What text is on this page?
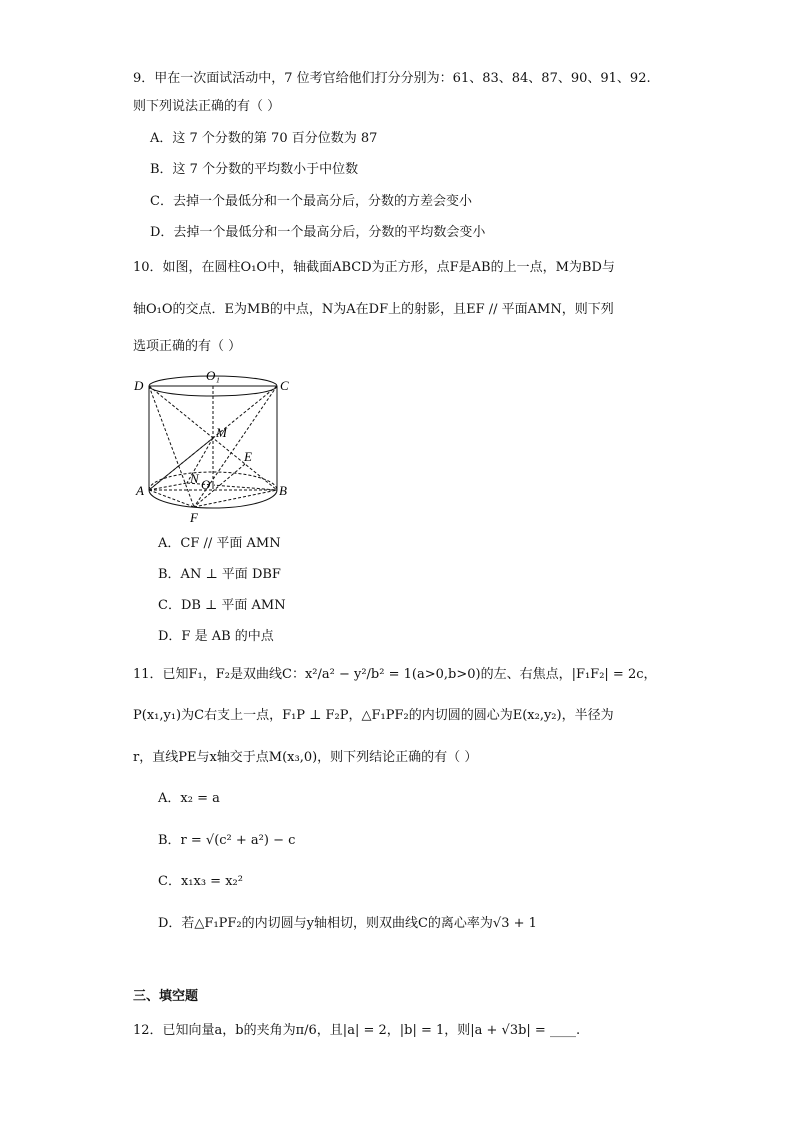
9．甲在一次面试活动中，7 位考官给他们打分分别为：61、83、84、87、90、91、92.
则下列说法正确的有（ ）
A．这 7 个分数的第 70 百分位数为 87
B．这 7 个分数的平均数小于中位数
C．去掉一个最低分和一个最高分后，分数的方差会变小
D．去掉一个最低分和一个最高分后，分数的平均数会变小
10．如图，在圆柱O₁O中，轴截面ABCD为正方形，点F是AB的上一点，M为BD与
轴O₁O的交点．E为MB的中点，N为A在DF上的射影，且EF // 平面AMN，则下列
选项正确的有（ ）
D
O₁
C
M
E
N O
A	B
F
A．CF // 平面 AMN
B．AN ⊥ 平面 DBF
C．DB ⊥ 平面 AMN
D．F 是 AB 的中点
11．已知F₁，F₂是双曲线C：x²/a² − y²/b² = 1(a>0,b>0)的左、右焦点，|F₁F₂| = 2c，
P(x₁,y₁)为C右支上一点，F₁P ⊥ F₂P，△F₁PF₂的内切圆的圆心为E(x₂,y₂)，半径为
r，直线PE与x轴交于点M(x₃,0)，则下列结论正确的有（ ）
A．x₂ = a
B．r = √(c² + a²) − c
C．x₁x₃ = x₂²
D．若△F₁PF₂的内切圆与y轴相切，则双曲线C的离心率为√3 + 1
三、填空题
12．已知向量a，b的夹角为π/6，且|a| = 2，|b| = 1，则|a + √3b| = ____.
